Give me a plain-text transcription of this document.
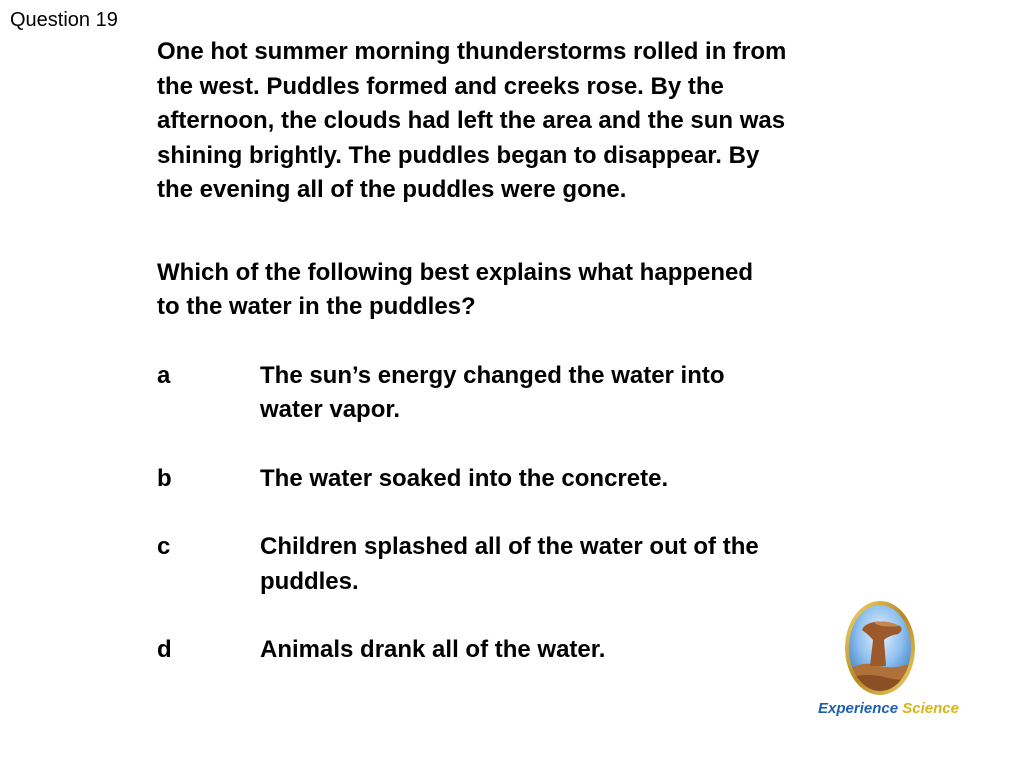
Question 19
One hot summer morning thunderstorms rolled in from
the west. Puddles formed and creeks rose. By the
afternoon, the clouds had left the area and the sun was
shining brightly. The puddles began to disappear. By
the evening all of the puddles were gone.
Which of the following best explains what happened
to the water in the puddles?
a	The sun’s energy changed the water into
water vapor.
b	The water soaked into the concrete.
c	Children splashed all of the water out of the
puddles.
d	Animals drank all of the water.
Experience Science
